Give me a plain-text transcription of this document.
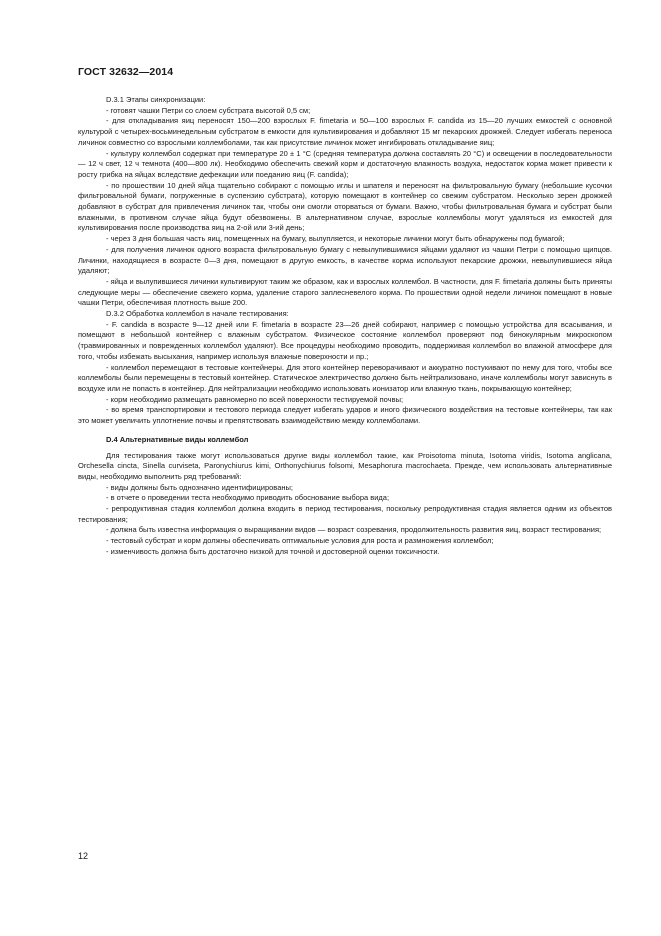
ГОСТ 32632—2014

D.3.1 Этапы синхронизации:

- готовят чашки Петри со слоем субстрата высотой 0,5 см;

- для откладывания яиц переносят 150—200 взрослых F. fimetaria и 50—100 взрослых F. candida из 15—20 лучших емкостей с основной культурой с четырех-восьминедельным субстратом в емкости для культивирования и добавляют 15 мг пекарских дрожжей. Следует избегать переноса личинок совместно со взрослыми коллемболами, так как присутствие личинок может ингибировать откладывание яиц;

- культуру коллембол содержат при температуре 20 ± 1 °С (средняя температура должна составлять 20 °С) и освещении в последовательности — 12 ч свет, 12 ч темнота (400—800 лк). Необходимо обеспечить свежий корм и достаточную влажность воздуха, недостаток корма может привести к росту грибка на яйцах вследствие дефекации или поеданию яиц (F. candida);

- по прошествии 10 дней яйца тщательно собирают с помощью иглы и шпателя и переносят на фильтровальную бумагу (небольшие кусочки фильтровальной бумаги, погруженные в суспензию субстрата), которую помещают в контейнер со свежим субстратом. Несколько зерен дрожжей добавляют в субстрат для привлечения личинок так, чтобы они смогли оторваться от бумаги. Важно, чтобы фильтровальная бумага и субстрат были влажными, в противном случае яйца будут обезвожены. В альтернативном случае, взрослые коллемболы могут удаляться из емкостей для культивирования после производства яиц на 2-ой или 3-ий день;

- через 3 дня большая часть яиц, помещенных на бумагу, вылупляется, и некоторые личинки могут быть обнаружены под бумагой;

- для получения личинок одного возраста фильтровальную бумагу с невылупившимися яйцами удаляют из чашки Петри с помощью щипцов. Личинки, находящиеся в возрасте 0—3 дня, помещают в другую емкость, в качестве корма используют пекарские дрожжи, невылупившиеся яйца удаляют;

- яйца и вылупившиеся личинки культивируют таким же образом, как и взрослых коллембол. В частности, для F. fimetaria должны быть приняты следующие меры — обеспечение свежего корма, удаление старого заплесневелого корма. По прошествии одной недели личинок помещают в новые чашки Петри, обеспечивая плотность выше 200.

D.3.2 Обработка коллембол в начале тестирования:

- F. candida в возрасте 9—12 дней или F. fimetaria в возрасте 23—26 дней собирают, например с помощью устройства для всасывания, и помещают в небольшой контейнер с влажным субстратом. Физическое состояние коллембол проверяют под бинокулярным микроскопом (травмированных и поврежденных коллембол удаляют). Все процедуры необходимо проводить, поддерживая коллембол во влажной атмосфере для того, чтобы избежать высыхания, например используя влажные поверхности и пр.;

- коллембол перемещают в тестовые контейнеры. Для этого контейнер переворачивают и аккуратно постукивают по нему для того, чтобы все коллемболы были перемещены в тестовый контейнер. Статическое электричество должно быть нейтрализовано, иначе коллемболы могут зависнуть в воздухе или не попасть в контейнер. Для нейтрализации необходимо использовать ионизатор или влажную ткань, покрывающую контейнер;

- корм необходимо размещать равномерно по всей поверхности тестируемой почвы;

- во время транспортировки и тестового периода следует избегать ударов и иного физического воздействия на тестовые контейнеры, так как это может увеличить уплотнение почвы и препятствовать взаимодействию между коллемболами.

D.4 Альтернативные виды коллембол

Для тестирования также могут использоваться другие виды коллембол такие, как Proisotoma minuta, Isotoma viridis, Isotoma anglicana, Orchesella cincta, Sinella curviseta, Paronychiurus kimi, Orthonychiurus folsomi, Mesaphorura macrochaeta. Прежде, чем использовать альтернативные виды, необходимо выполнить ряд требований:

- виды должны быть однозначно идентифицированы;

- в отчете о проведении теста необходимо приводить обоснование выбора вида;

- репродуктивная стадия коллембол должна входить в период тестирования, поскольку репродуктивная стадия является одним из объектов тестирования;

- должна быть известна информация о выращивании видов — возраст созревания, продолжительность развития яиц, возраст тестирования;

- тестовый субстрат и корм должны обеспечивать оптимальные условия для роста и размножения коллембол;

- изменчивость должна быть достаточно низкой для точной и достоверной оценки токсичности.

12
